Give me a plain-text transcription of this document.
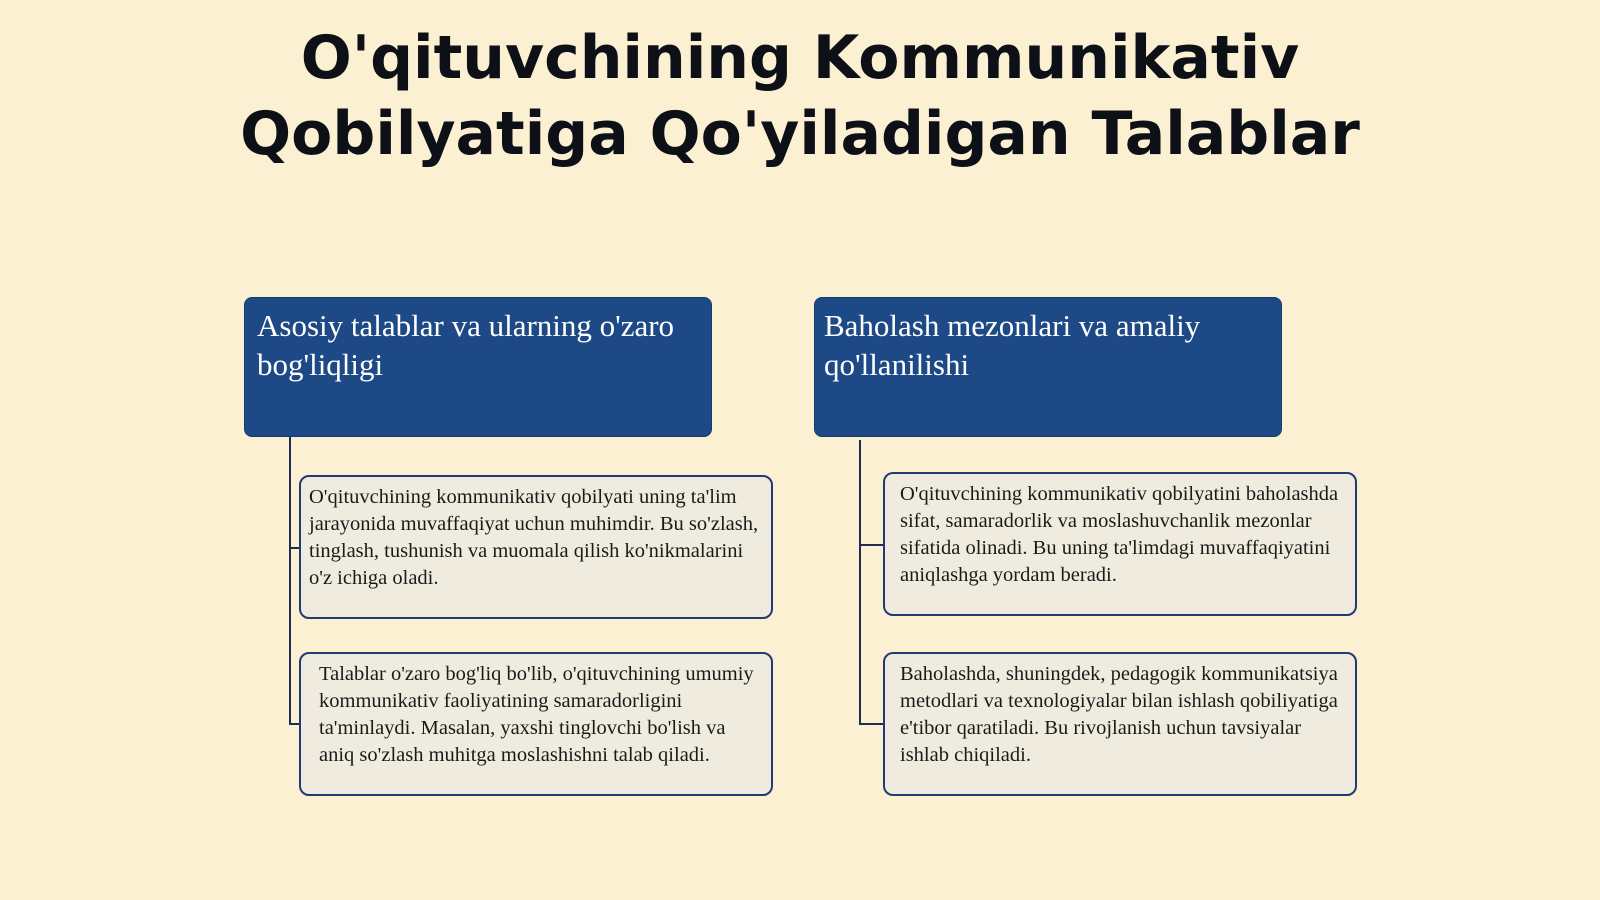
O'qituvchining Kommunikativ Qobilyatiga Qo'yiladigan Talablar
Asosiy talablar va ularning o'zaro bog'liqligi
O'qituvchining kommunikativ qobilyati uning ta'lim jarayonida muvaffaqiyat uchun muhimdir. Bu so'zlash, tinglash, tushunish va muomala qilish ko'nikmalarini o'z ichiga oladi.
Talablar o'zaro bog'liq bo'lib, o'qituvchining umumiy kommunikativ faoliyatining samaradorligini ta'minlaydi. Masalan, yaxshi tinglovchi bo'lish va aniq so'zlash muhitga moslashishni talab qiladi.
Baholash mezonlari va amaliy qo'llanilishi
O'qituvchining kommunikativ qobilyatini baholashda sifat, samaradorlik va moslashuvchanlik mezonlar sifatida olinadi. Bu uning ta'limdagi muvaffaqiyatini aniqlashga yordam beradi.
Baholashda, shuningdek, pedagogik kommunikatsiya metodlari va texnologiyalar bilan ishlash qobiliyatiga e'tibor qaratiladi. Bu rivojlanish uchun tavsiyalar ishlab chiqiladi.
